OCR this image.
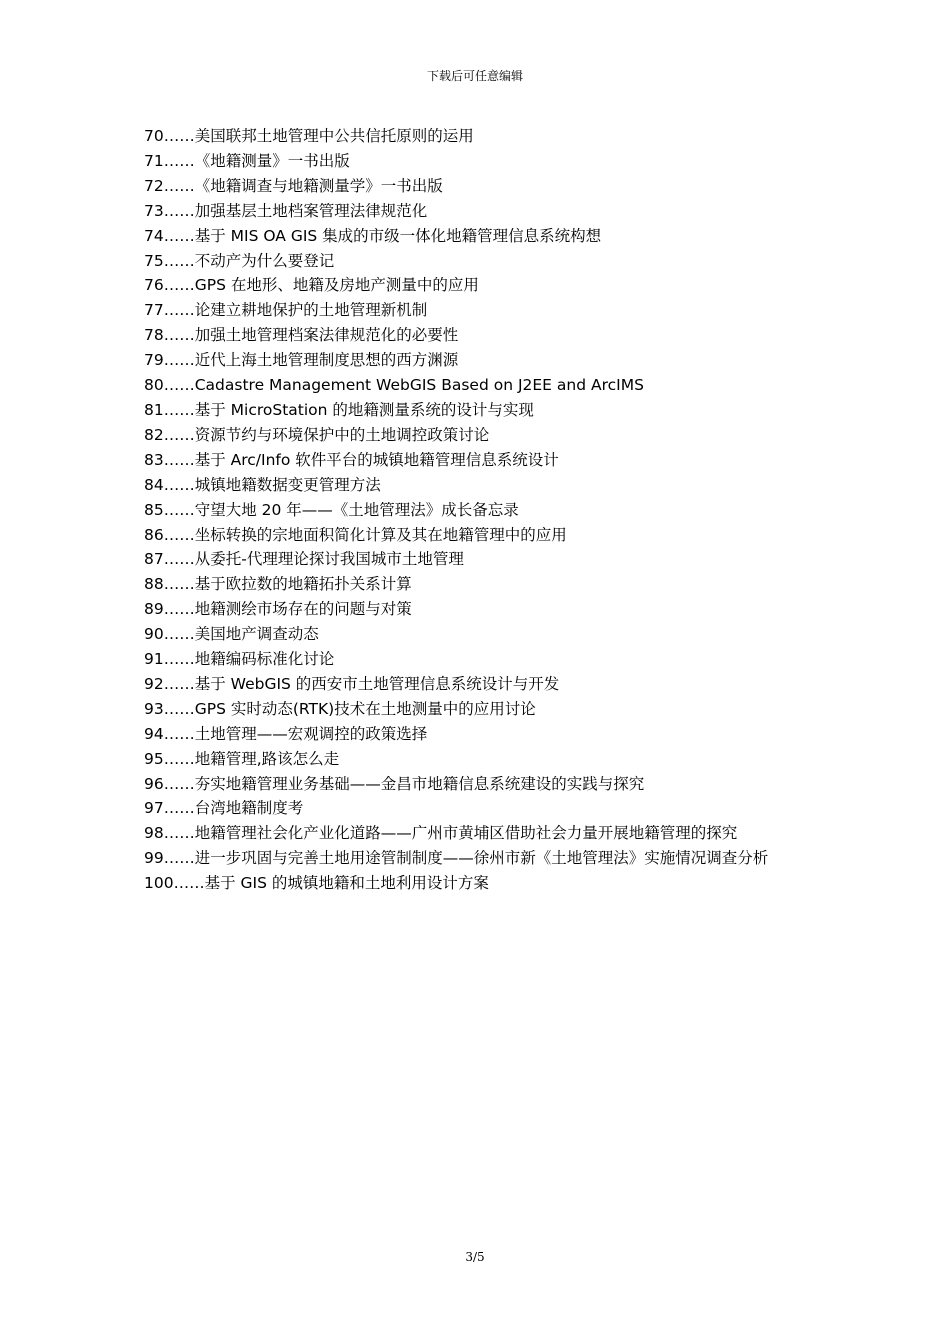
下载后可任意编辑
70……美国联邦土地管理中公共信托原则的运用
71……《地籍测量》一书出版
72……《地籍调查与地籍测量学》一书出版
73……加强基层土地档案管理法律规范化
74……基于 MIS OA GIS 集成的市级一体化地籍管理信息系统构想
75……不动产为什么要登记
76……GPS 在地形、地籍及房地产测量中的应用
77……论建立耕地保护的土地管理新机制
78……加强土地管理档案法律规范化的必要性
79……近代上海土地管理制度思想的西方渊源
80……Cadastre Management WebGIS Based on J2EE and ArcIMS
81……基于 MicroStation 的地籍测量系统的设计与实现
82……资源节约与环境保护中的土地调控政策讨论
83……基于 Arc/Info 软件平台的城镇地籍管理信息系统设计
84……城镇地籍数据变更管理方法
85……守望大地 20 年——《土地管理法》成长备忘录
86……坐标转换的宗地面积简化计算及其在地籍管理中的应用
87……从委托-代理理论探讨我国城市土地管理
88……基于欧拉数的地籍拓扑关系计算
89……地籍测绘市场存在的问题与对策
90……美国地产调查动态
91……地籍编码标准化讨论
92……基于 WebGIS 的西安市土地管理信息系统设计与开发
93……GPS 实时动态(RTK)技术在土地测量中的应用讨论
94……土地管理——宏观调控的政策选择
95……地籍管理,路该怎么走
96……夯实地籍管理业务基础——金昌市地籍信息系统建设的实践与探究
97……台湾地籍制度考
98……地籍管理社会化产业化道路——广州市黄埔区借助社会力量开展地籍管理的探究
99……进一步巩固与完善土地用途管制制度——徐州市新《土地管理法》实施情况调查分析
100……基于 GIS 的城镇地籍和土地利用设计方案
3/5
